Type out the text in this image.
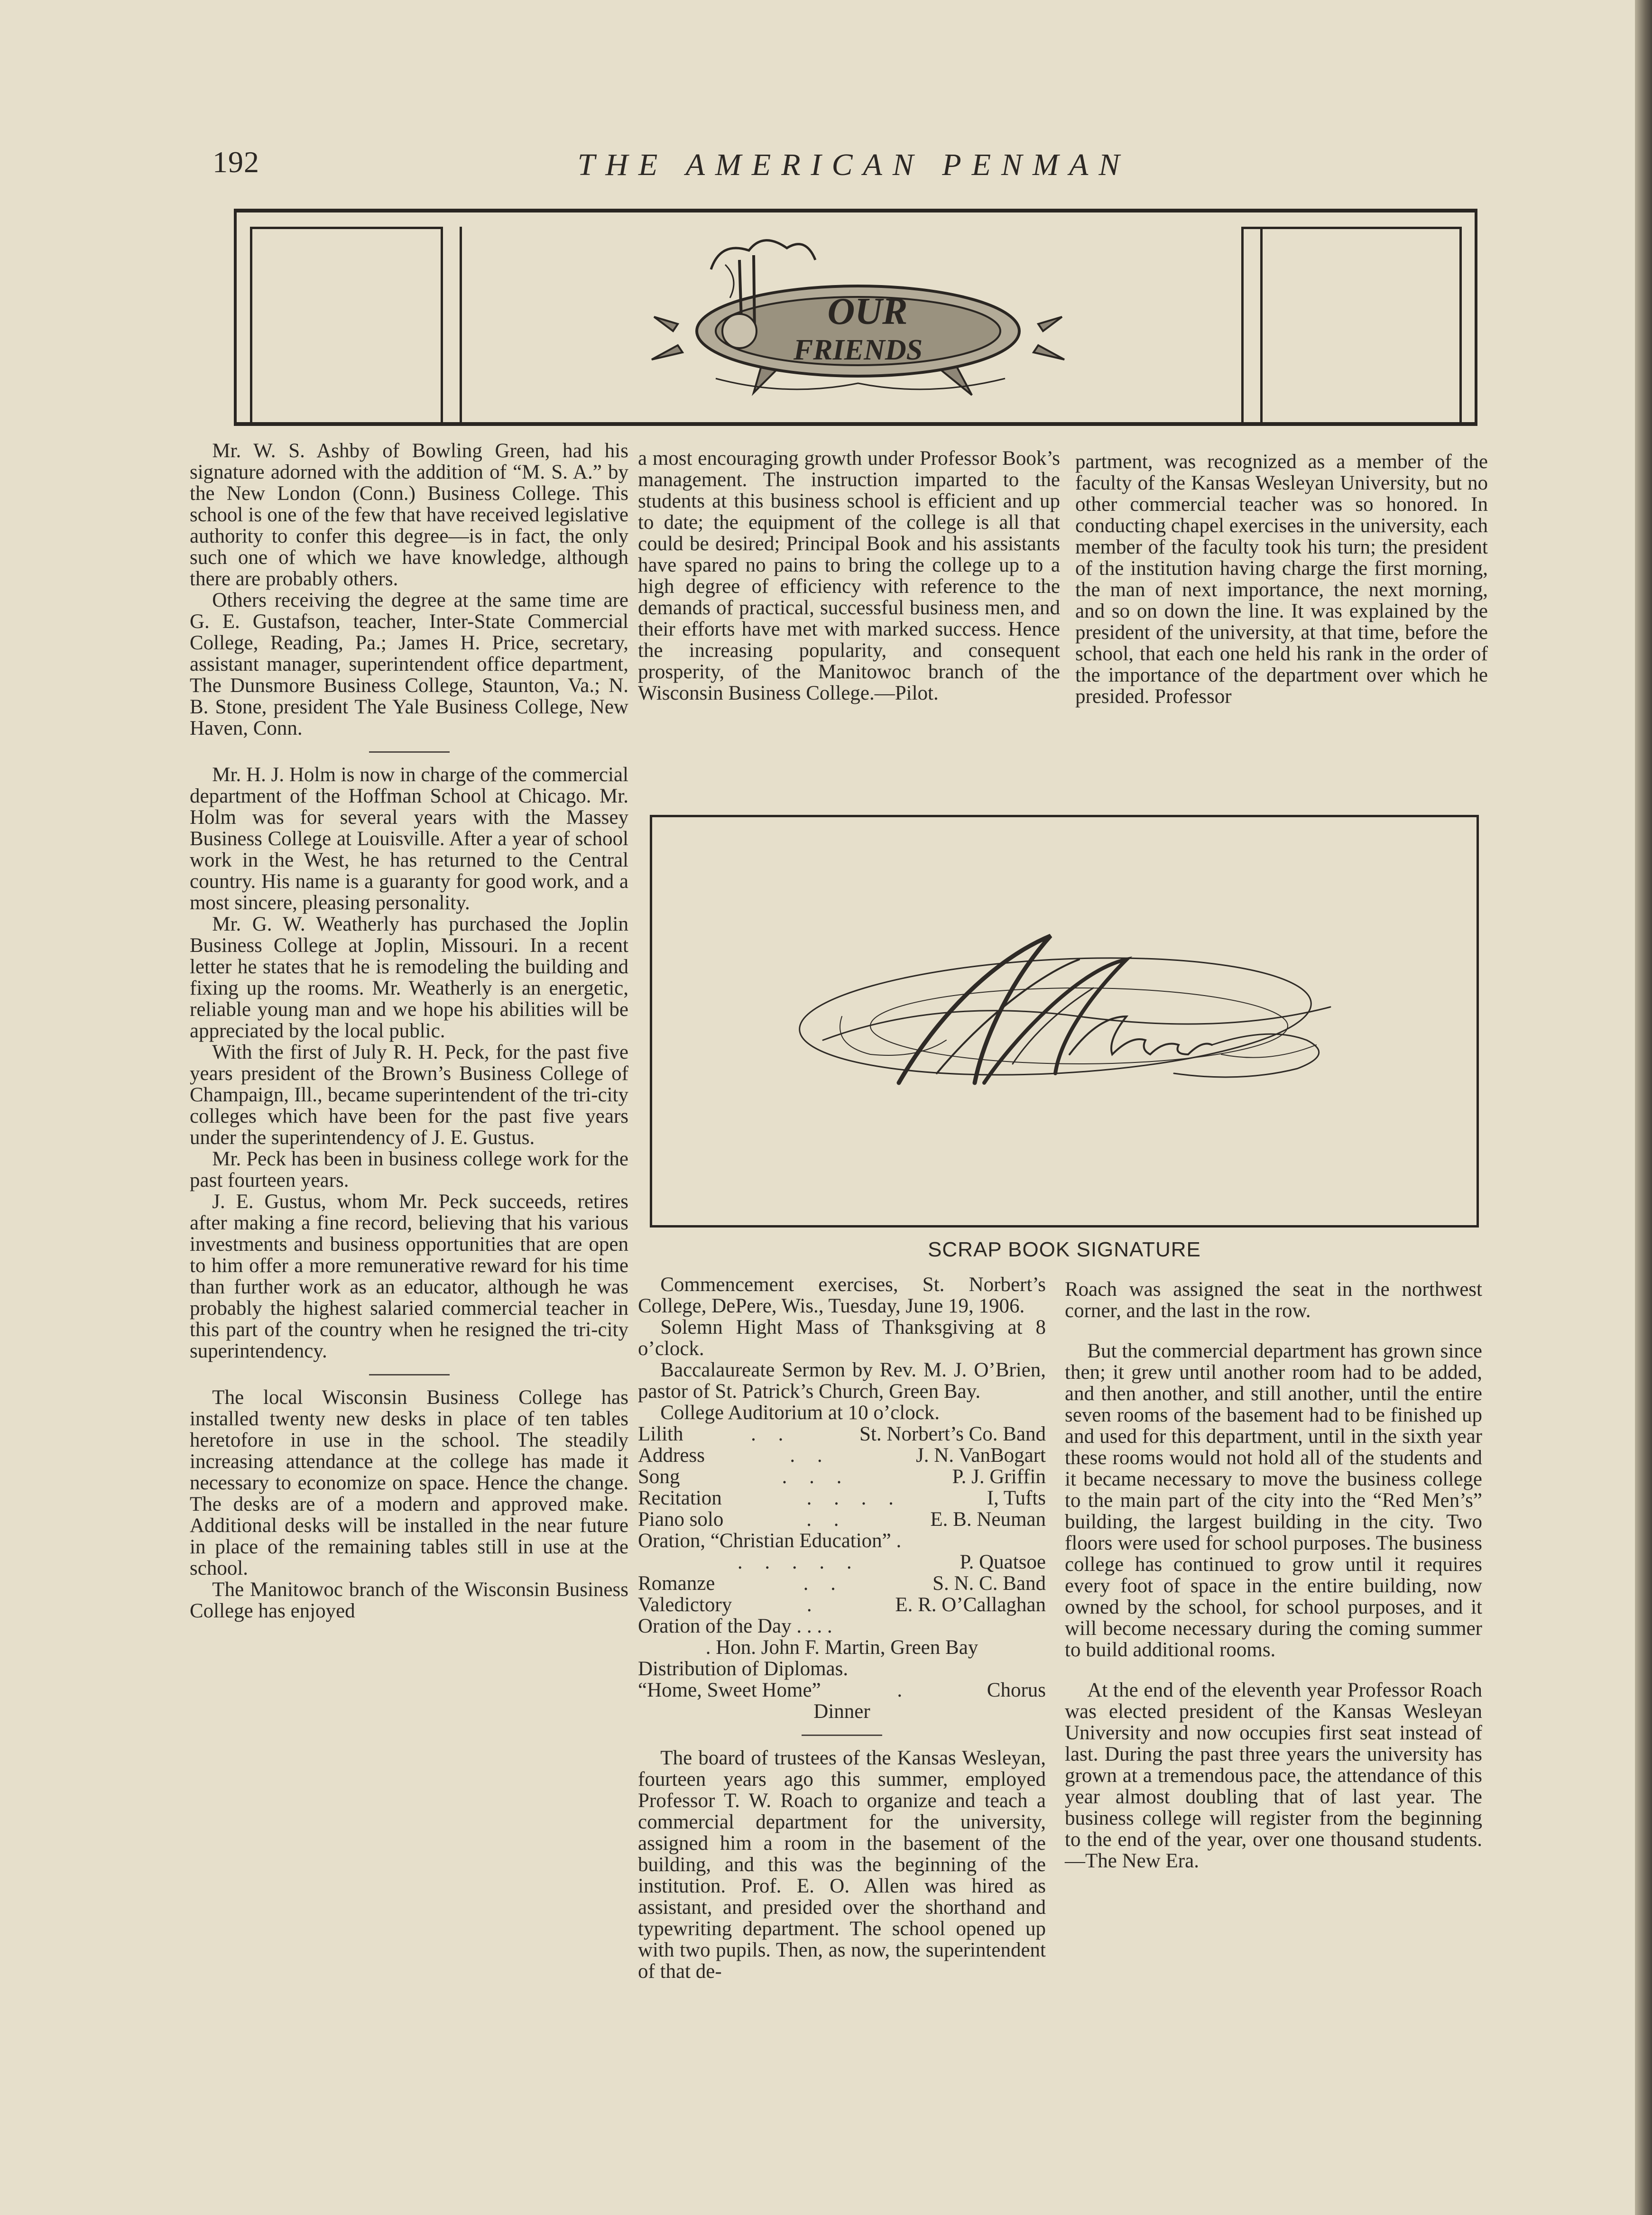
192	THE AMERICAN PENMAN
OUR
FRIENDS

Mr. W. S. Ashby of Bowling Green, had his signature adorned with the addition of “M. S. A.” by the New London (Conn.) Business College. This school is one of the few that have received legislative authority to confer this degree—is in fact, the only such one of which we have knowledge, although there are probably others.

Others receiving the degree at the same time are G. E. Gustafson, teacher, Inter-State Commercial College, Reading, Pa.; James H. Price, secretary, assistant manager, superintendent office department, The Dunsmore Business College, Staunton, Va.; N. B. Stone, president The Yale Business College, New Haven, Conn.

Mr. H. J. Holm is now in charge of the commercial department of the Hoffman School at Chicago. Mr. Holm was for several years with the Massey Business College at Louisville. After a year of school work in the West, he has returned to the Central country. His name is a guaranty for good work, and a most sincere, pleasing personality.

Mr. G. W. Weatherly has purchased the Joplin Business College at Joplin, Missouri. In a recent letter he states that he is remodeling the building and fixing up the rooms. Mr. Weatherly is an energetic, reliable young man and we hope his abilities will be appreciated by the local public.

With the first of July R. H. Peck, for the past five years president of the Brown’s Business College of Champaign, Ill., became superintendent of the tri-city colleges which have been for the past five years under the superintendency of J. E. Gustus.

Mr. Peck has been in business college work for the past fourteen years.

J. E. Gustus, whom Mr. Peck succeeds, retires after making a fine record, believing that his various investments and business opportunities that are open to him offer a more remunerative reward for his time than further work as an educator, although he was probably the highest salaried commercial teacher in this part of the country when he resigned the tri-city superintendency.

The local Wisconsin Business College has installed twenty new desks in place of ten tables heretofore in use in the school. The steadily increasing attendance at the college has made it necessary to economize on space. Hence the change. The desks are of a modern and approved make. Additional desks will be installed in the near future in place of the remaining tables still in use at the school.

The Manitowoc branch of the Wisconsin Business College has enjoyed

a most encouraging growth under Professor Book’s management. The instruction imparted to the students at this business school is efficient and up to date; the equipment of the college is all that could be desired; Principal Book and his assistants have spared no pains to bring the college up to a high degree of efficiency with reference to the demands of practical, successful business men, and their efforts have met with marked success. Hence the increasing popularity, and consequent prosperity, of the Manitowoc branch of the Wisconsin Business College.—Pilot.

partment, was recognized as a member of the faculty of the Kansas Wesleyan University, but no other commercial teacher was so honored. In conducting chapel exercises in the university, each member of the faculty took his turn; the president of the institution having charge the first morning, the man of next importance, the next morning, and so on down the line. It was explained by the president of the university, at that time, before the school, that each one held his rank in the order of the importance of the department over which he presided. Professor

SCRAP BOOK SIGNATURE

Commencement exercises, St. Norbert’s College, DePere, Wis., Tuesday, June 19, 1906.

Solemn Hight Mass of Thanksgiving at 8 o’clock.

Baccalaureate Sermon by Rev. M. J. O’Brien, pastor of St. Patrick’s Church, Green Bay.

College Auditorium at 10 o’clock.

Lilith	. .	St. Norbert’s Co. Band
Address	. .	J. N. VanBogart
Song	. . .	P. J. Griffin
Recitation	. . . .	I, Tufts
Piano solo	. .	E. B. Neuman
Oration, “Christian Education” .
. . . . .	P. Quatsoe
Romanze	. .	S. N. C. Band
Valedictory	.	E. R. O’Callaghan
Oration of the Day . . . .
. Hon. John F. Martin, Green Bay
Distribution of Diplomas.
“Home, Sweet Home”	.	Chorus
Dinner

The board of trustees of the Kansas Wesleyan, fourteen years ago this summer, employed Professor T. W. Roach to organize and teach a commercial department for the university, assigned him a room in the basement of the building, and this was the beginning of the institution. Prof. E. O. Allen was hired as assistant, and presided over the shorthand and typewriting department. The school opened up with two pupils. Then, as now, the superintendent of that de-

Roach was assigned the seat in the northwest corner, and the last in the row.

But the commercial department has grown since then; it grew until another room had to be added, and then another, and still another, until the entire seven rooms of the basement had to be finished up and used for this department, until in the sixth year these rooms would not hold all of the students and it became necessary to move the business college to the main part of the city into the “Red Men’s” building, the largest building in the city. Two floors were used for school purposes. The business college has continued to grow until it requires every foot of space in the entire building, now owned by the school, for school purposes, and it will become necessary during the coming summer to build additional rooms.

At the end of the eleventh year Professor Roach was elected president of the Kansas Wesleyan University and now occupies first seat instead of last. During the past three years the university has grown at a tremendous pace, the attendance of this year almost doubling that of last year. The business college will register from the beginning to the end of the year, over one thousand students.—The New Era.
